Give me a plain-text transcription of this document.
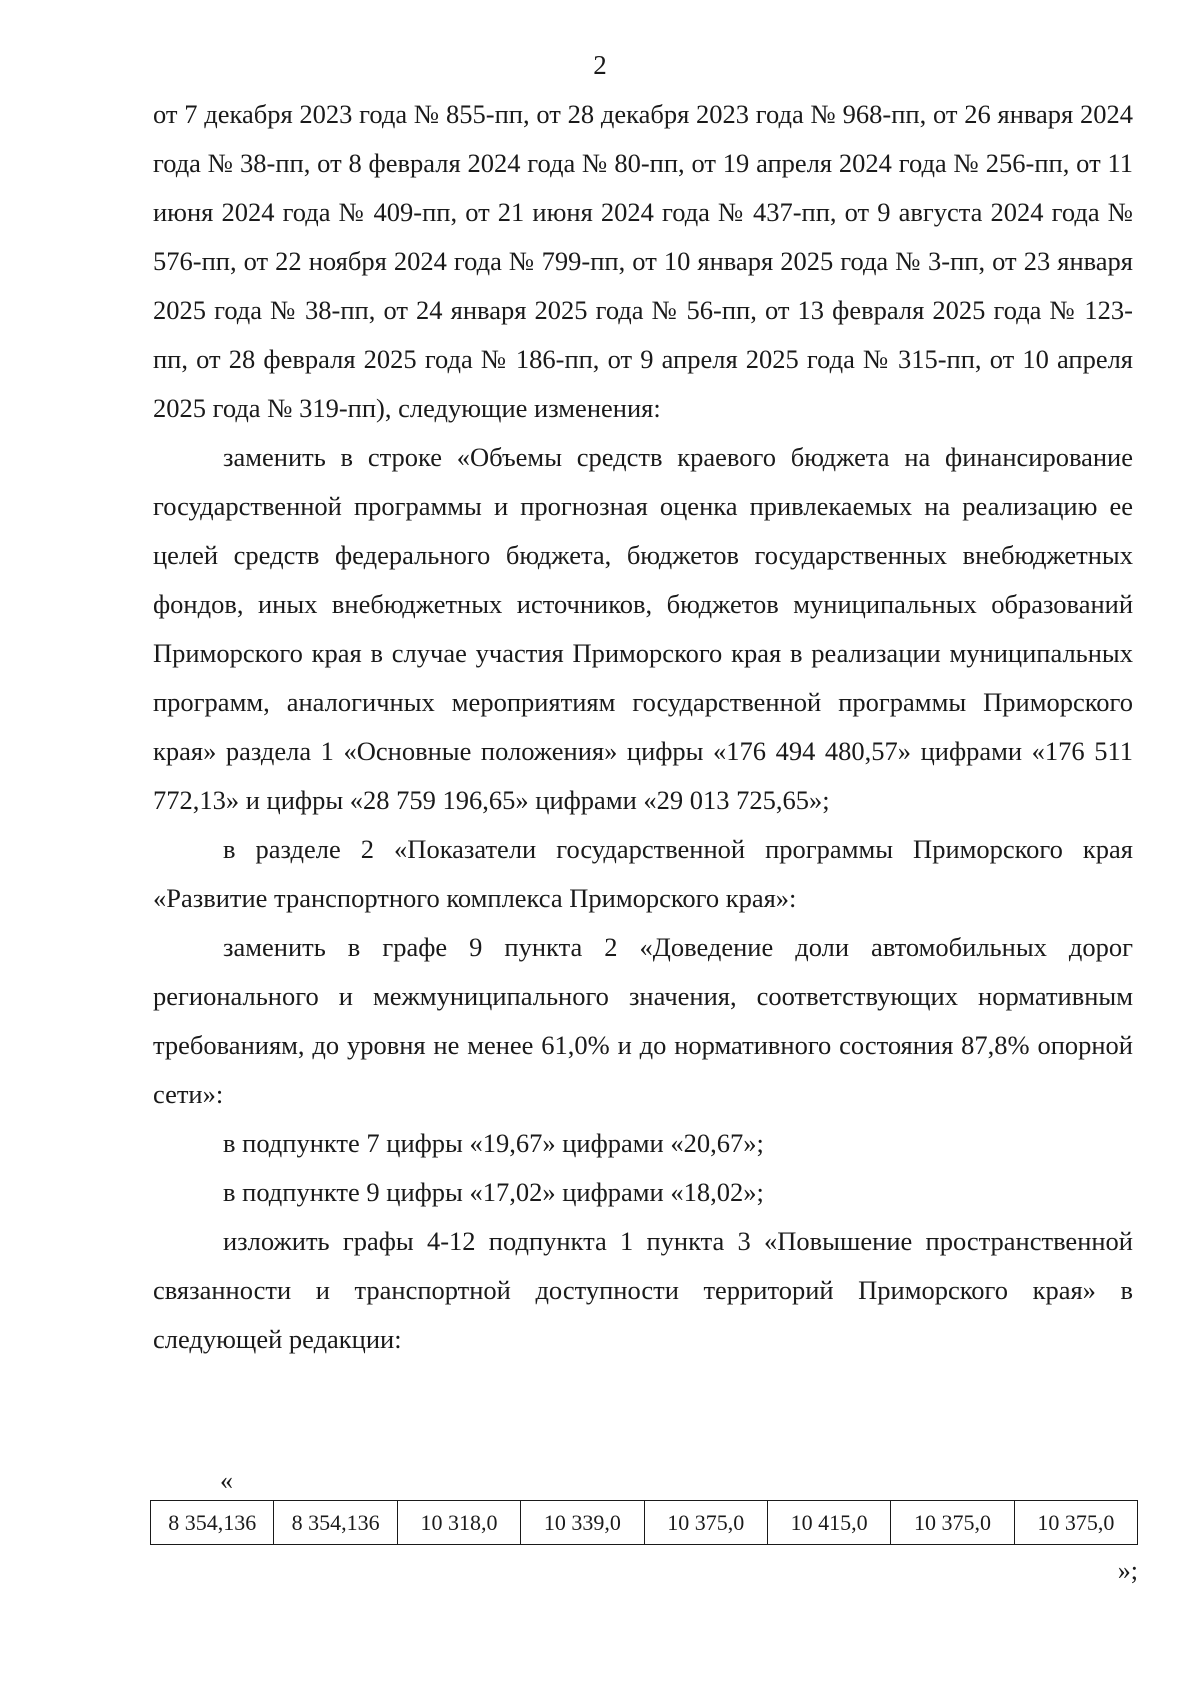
2

от 7 декабря 2023 года № 855-пп, от 28 декабря 2023 года № 968-пп, от 26 января 2024 года № 38-пп, от 8 февраля 2024 года № 80-пп, от 19 апреля 2024 года № 256-пп, от 11 июня 2024 года № 409-пп, от 21 июня 2024 года № 437-пп, от 9 августа 2024 года № 576-пп, от 22 ноября 2024 года № 799-пп, от 10 января 2025 года № 3-пп, от 23 января 2025 года № 38-пп, от 24 января 2025 года № 56-пп, от 13 февраля 2025 года № 123-пп, от 28 февраля 2025 года № 186-пп, от 9 апреля 2025 года № 315-пп, от 10 апреля 2025 года № 319-пп), следующие изменения:

заменить в строке «Объемы средств краевого бюджета на финансирование государственной программы и прогнозная оценка привлекаемых на реализацию ее целей средств федерального бюджета, бюджетов государственных внебюджетных фондов, иных внебюджетных источников, бюджетов муниципальных образований Приморского края в случае участия Приморского края в реализации муниципальных программ, аналогичных мероприятиям государственной программы Приморского края» раздела 1 «Основные положения» цифры «176 494 480,57» цифрами «176 511 772,13» и цифры «28 759 196,65» цифрами «29 013 725,65»;

в разделе 2 «Показатели государственной программы Приморского края «Развитие транспортного комплекса Приморского края»:

заменить в графе 9 пункта 2 «Доведение доли автомобильных дорог регионального и межмуниципального значения, соответствующих нормативным требованиям, до уровня не менее 61,0% и до нормативного состояния 87,8% опорной сети»:

в подпункте 7 цифры «19,67» цифрами «20,67»;

в подпункте 9 цифры «17,02» цифрами «18,02»;

изложить графы 4-12 подпункта 1 пункта 3 «Повышение пространственной связанности и транспортной доступности территорий Приморского края» в следующей редакции:

«
8 354,136	8 354,136	10 318,0	10 339,0	10 375,0	10 415,0	10 375,0	10 375,0
»;
